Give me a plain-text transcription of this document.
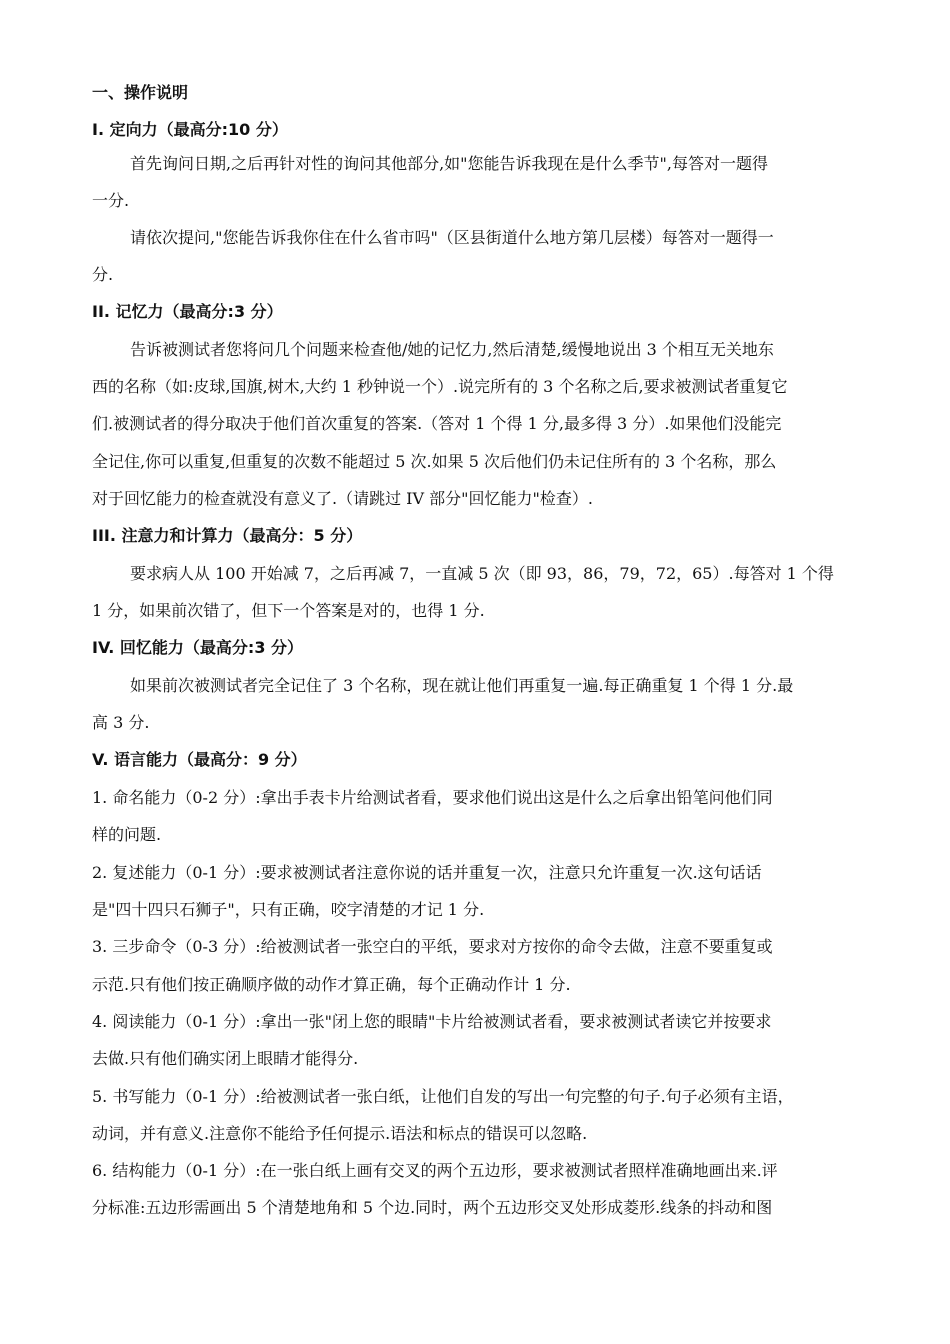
一、操作说明

I. 定向力（最高分:10 分）

首先询问日期,之后再针对性的询问其他部分,如"您能告诉我现在是什么季节",每答对一题得

一分.

请依次提问,"您能告诉我你住在什么省市吗"（区县街道什么地方第几层楼）每答对一题得一

分.

II. 记忆力（最高分:3 分）

告诉被测试者您将问几个问题来检查他/她的记忆力,然后清楚,缓慢地说出 3 个相互无关地东

西的名称（如:皮球,国旗,树木,大约 1 秒钟说一个）.说完所有的 3 个名称之后,要求被测试者重复它

们.被测试者的得分取决于他们首次重复的答案.（答对 1 个得 1 分,最多得 3 分）.如果他们没能完

全记住,你可以重复,但重复的次数不能超过 5 次.如果 5 次后他们仍未记住所有的 3 个名称，那么

对于回忆能力的检查就没有意义了.（请跳过 IV 部分"回忆能力"检查）.

III. 注意力和计算力（最高分：5 分）

要求病人从 100 开始减 7，之后再减 7，一直减 5 次（即 93，86，79，72，65）.每答对 1 个得

1 分，如果前次错了，但下一个答案是对的，也得 1 分.

IV. 回忆能力（最高分:3 分）

如果前次被测试者完全记住了 3 个名称，现在就让他们再重复一遍.每正确重复 1 个得 1 分.最

高 3 分.

V. 语言能力（最高分：9 分）

1. 命名能力（0-2 分）:拿出手表卡片给测试者看，要求他们说出这是什么之后拿出铅笔问他们同

样的问题.

2. 复述能力（0-1 分）:要求被测试者注意你说的话并重复一次，注意只允许重复一次.这句话话

是"四十四只石狮子"，只有正确，咬字清楚的才记 1 分.

3. 三步命令（0-3 分）:给被测试者一张空白的平纸，要求对方按你的命令去做，注意不要重复或

示范.只有他们按正确顺序做的动作才算正确，每个正确动作计 1 分.

4. 阅读能力（0-1 分）:拿出一张"闭上您的眼睛"卡片给被测试者看，要求被测试者读它并按要求

去做.只有他们确实闭上眼睛才能得分.

5. 书写能力（0-1 分）:给被测试者一张白纸，让他们自发的写出一句完整的句子.句子必须有主语，

动词，并有意义.注意你不能给予任何提示.语法和标点的错误可以忽略.

6. 结构能力（0-1 分）:在一张白纸上画有交叉的两个五边形，要求被测试者照样准确地画出来.评

分标准:五边形需画出 5 个清楚地角和 5 个边.同时，两个五边形交叉处形成菱形.线条的抖动和图
